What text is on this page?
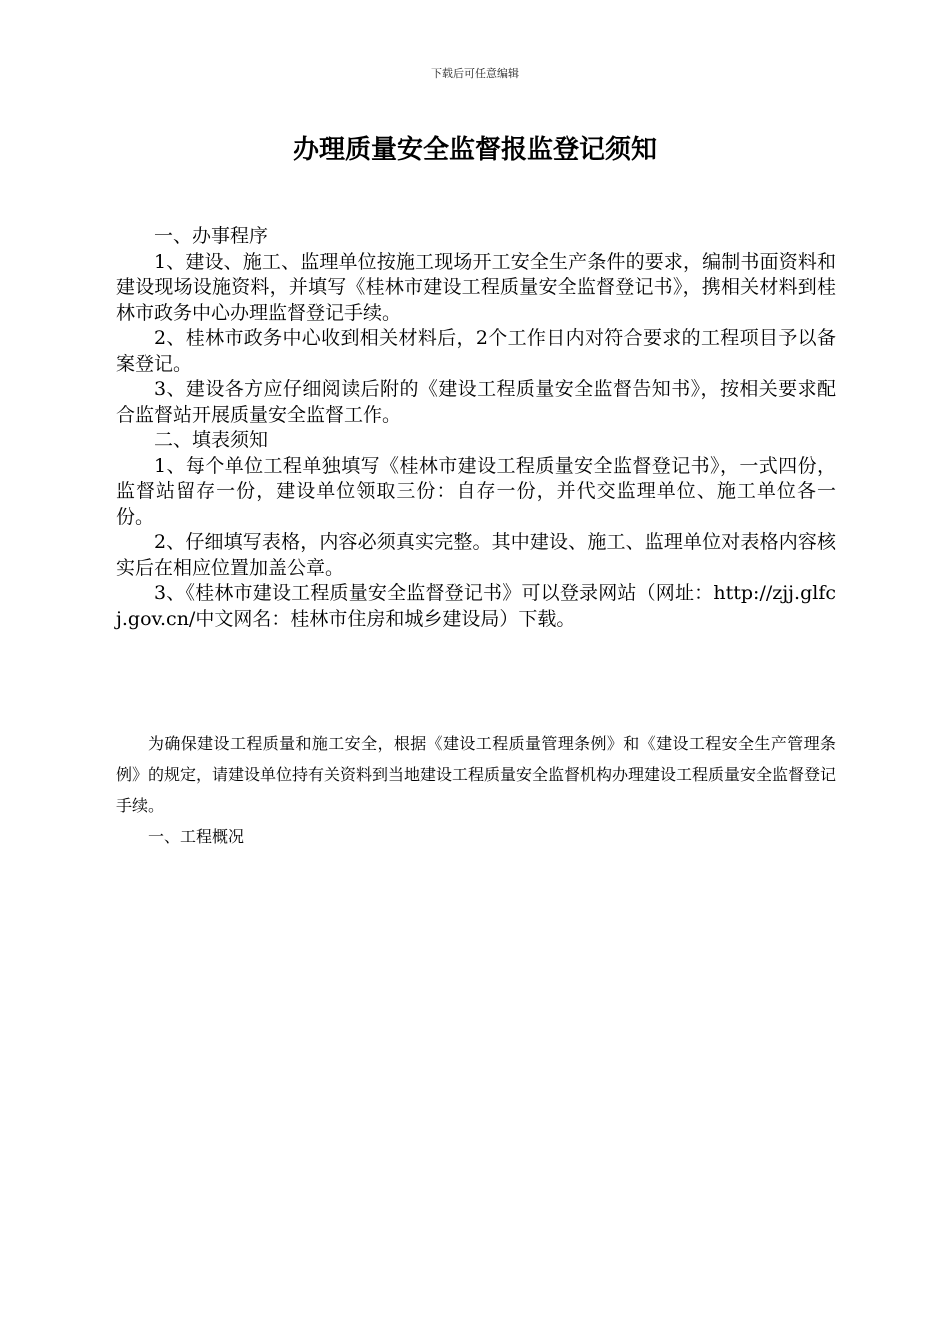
下载后可任意编辑
办理质量安全监督报监登记须知

一、办事程序

1、建设、施工、监理单位按施工现场开工安全生产条件的要求，编制书面资料和建设现场设施资料，并填写《桂林市建设工程质量安全监督登记书》，携相关材料到桂林市政务中心办理监督登记手续。

2、桂林市政务中心收到相关材料后，2个工作日内对符合要求的工程项目予以备案登记。

3、建设各方应仔细阅读后附的《建设工程质量安全监督告知书》，按相关要求配合监督站开展质量安全监督工作。

二、填表须知

1、每个单位工程单独填写《桂林市建设工程质量安全监督登记书》，一式四份，监督站留存一份，建设单位领取三份：自存一份，并代交监理单位、施工单位各一份。

2、仔细填写表格，内容必须真实完整。其中建设、施工、监理单位对表格内容核实后在相应位置加盖公章。

3、《桂林市建设工程质量安全监督登记书》可以登录网站（网址：http://zjj.glfcj.gov.cn/中文网名：桂林市住房和城乡建设局）下载。

为确保建设工程质量和施工安全，根据《建设工程质量管理条例》和《建设工程安全生产管理条例》的规定，请建设单位持有关资料到当地建设工程质量安全监督机构办理建设工程质量安全监督登记手续。

一、工程概况
